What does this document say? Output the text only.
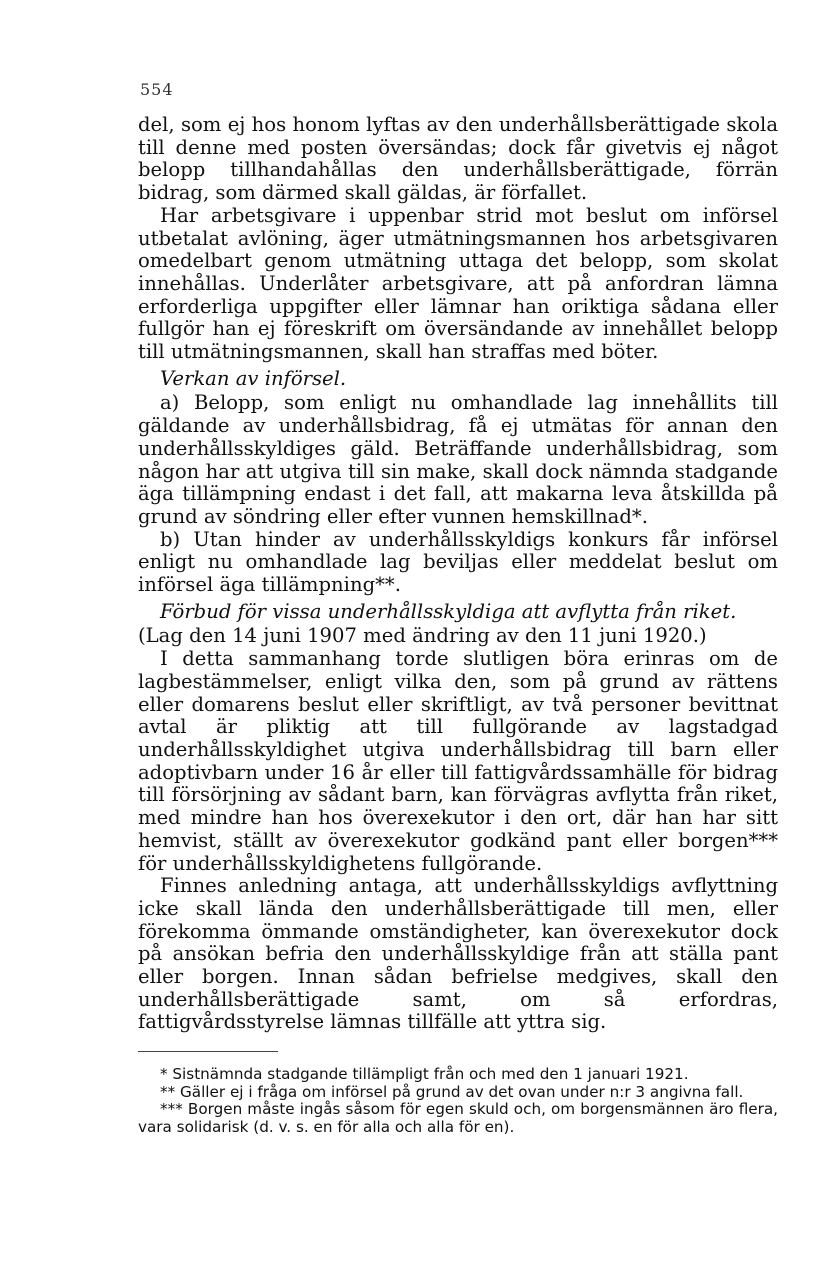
554

del, som ej hos honom lyftas av den underhållsberättigade skola till denne med posten översändas; dock får givetvis ej något belopp tillhandahållas den underhållsberättigade, förrän bidrag, som därmed skall gäldas, är förfallet.

Har arbetsgivare i uppenbar strid mot beslut om införsel utbetalat avlöning, äger utmätningsmannen hos arbetsgivaren omedelbart genom utmätning uttaga det belopp, som skolat innehållas. Underlåter arbetsgivare, att på anfordran lämna erforderliga uppgifter eller lämnar han oriktiga sådana eller fullgör han ej föreskrift om översändande av innehållet belopp till utmätningsmannen, skall han straffas med böter.

Verkan av införsel.

a) Belopp, som enligt nu omhandlade lag innehållits till gäldande av underhållsbidrag, få ej utmätas för annan den underhållsskyldiges gäld. Beträffande underhållsbidrag, som någon har att utgiva till sin make, skall dock nämnda stadgande äga tillämpning endast i det fall, att makarna leva åtskillda på grund av söndring eller efter vunnen hemskillnad*.

b) Utan hinder av underhållsskyldigs konkurs får införsel enligt nu omhandlade lag beviljas eller meddelat beslut om införsel äga tillämpning**.

Förbud för vissa underhållsskyldiga att avflytta från riket.

(Lag den 14 juni 1907 med ändring av den 11 juni 1920.)

I detta sammanhang torde slutligen böra erinras om de lagbestämmelser, enligt vilka den, som på grund av rättens eller domarens beslut eller skriftligt, av två personer bevittnat avtal är pliktig att till fullgörande av lagstadgad underhållsskyldighet utgiva underhållsbidrag till barn eller adoptivbarn under 16 år eller till fattigvårdssamhälle för bidrag till försörjning av sådant barn, kan förvägras avflytta från riket, med mindre han hos överexekutor i den ort, där han har sitt hemvist, ställt av överexekutor godkänd pant eller borgen*** för underhållsskyldighetens fullgörande.

Finnes anledning antaga, att underhållsskyldigs avflyttning icke skall lända den underhållsberättigade till men, eller förekomma ömmande omständigheter, kan överexekutor dock på ansökan befria den underhållsskyldige från att ställa pant eller borgen. Innan sådan befrielse medgives, skall den underhållsberättigade samt, om så erfordras, fattigvårdsstyrelse lämnas tillfälle att yttra sig.

* Sistnämnda stadgande tillämpligt från och med den 1 januari 1921.

** Gäller ej i fråga om införsel på grund av det ovan under n:r 3 angivna fall.

*** Borgen måste ingås såsom för egen skuld och, om borgensmännen äro flera, vara solidarisk (d. v. s. en för alla och alla för en).
